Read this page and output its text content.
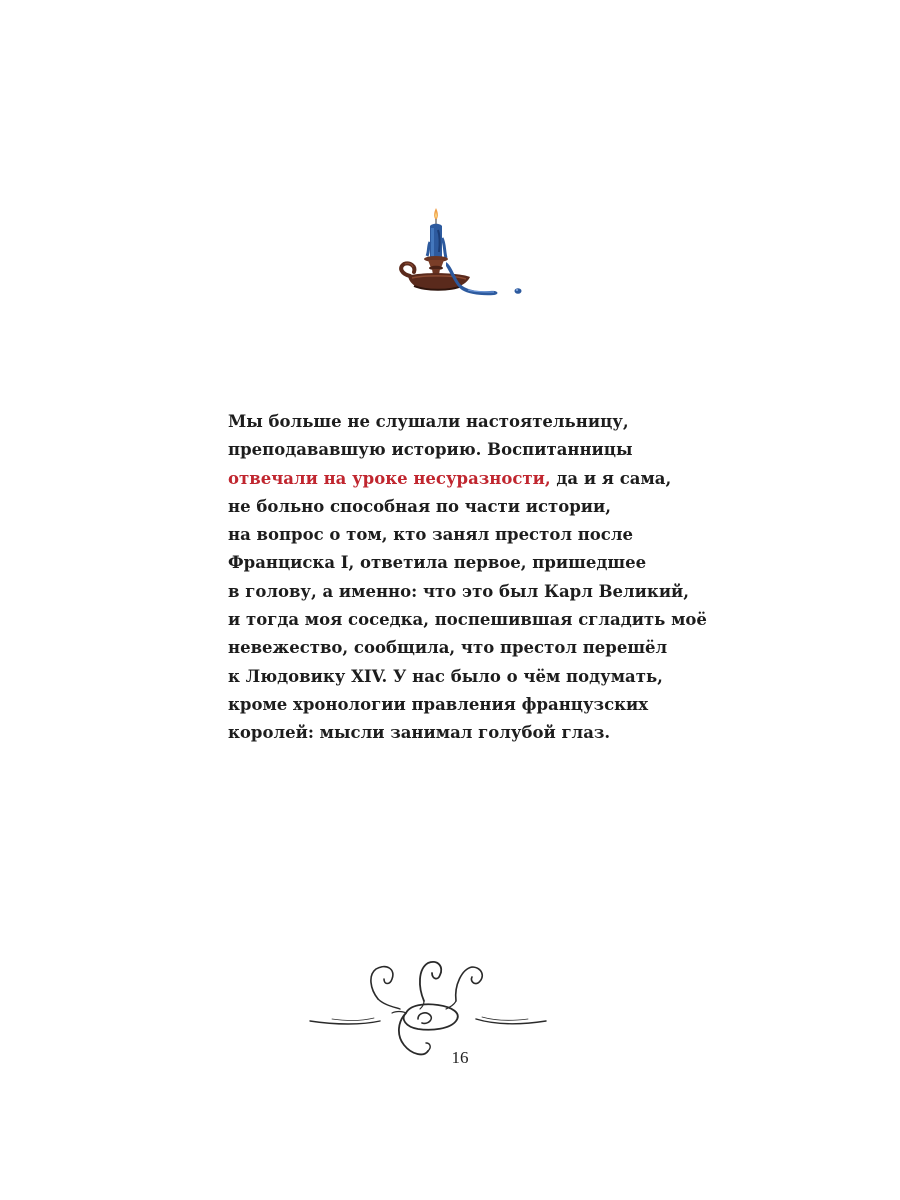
Мы больше не слушали настоятельницу,
преподававшую историю. Воспитанницы
отвечали на уроке несуразности, да и я сама,
не больно способная по части истории,
на вопрос о том, кто занял престол после
Франциска I, ответила первое, пришедшее
в голову, а именно: что это был Карл Великий,
и тогда моя соседка, поспешившая сгладить моё
невежество, сообщила, что престол перешёл
к Людовику XIV. У нас было о чём подумать,
кроме хронологии правления французских
королей: мысли занимал голубой глаз.
16
